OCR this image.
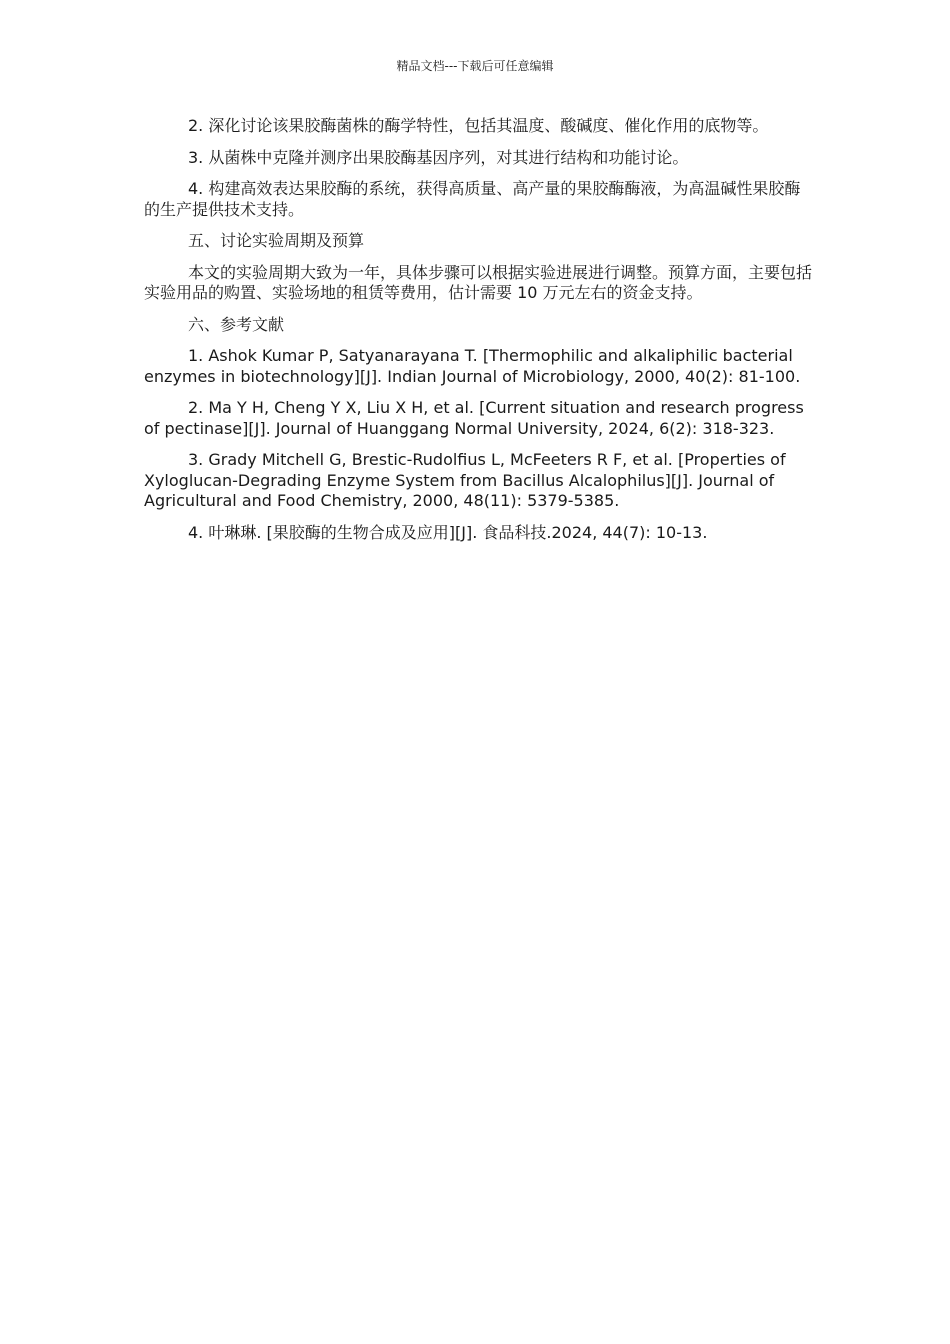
精品文档---下载后可任意编辑

2. 深化讨论该果胶酶菌株的酶学特性，包括其温度、酸碱度、催化作用的底物等。

3. 从菌株中克隆并测序出果胶酶基因序列，对其进行结构和功能讨论。

4. 构建高效表达果胶酶的系统，获得高质量、高产量的果胶酶酶液，为高温碱性果胶酶的生产提供技术支持。

五、讨论实验周期及预算

本文的实验周期大致为一年，具体步骤可以根据实验进展进行调整。预算方面，主要包括实验用品的购置、实验场地的租赁等费用，估计需要 10 万元左右的资金支持。

六、参考文献

1. Ashok Kumar P, Satyanarayana T. [Thermophilic and alkaliphilic bacterial enzymes in biotechnology][J]. Indian Journal of Microbiology, 2000, 40(2): 81-100.

2. Ma Y H, Cheng Y X, Liu X H, et al. [Current situation and research progress of pectinase][J]. Journal of Huanggang Normal University, 2024, 6(2): 318-323.

3. Grady Mitchell G, Brestic-Rudolfius L, McFeeters R F, et al. [Properties of Xyloglucan-Degrading Enzyme System from Bacillus Alcalophilus][J]. Journal of Agricultural and Food Chemistry, 2000, 48(11): 5379-5385.

4. 叶琳琳. [果胶酶的生物合成及应用][J]. 食品科技.2024, 44(7): 10-13.
